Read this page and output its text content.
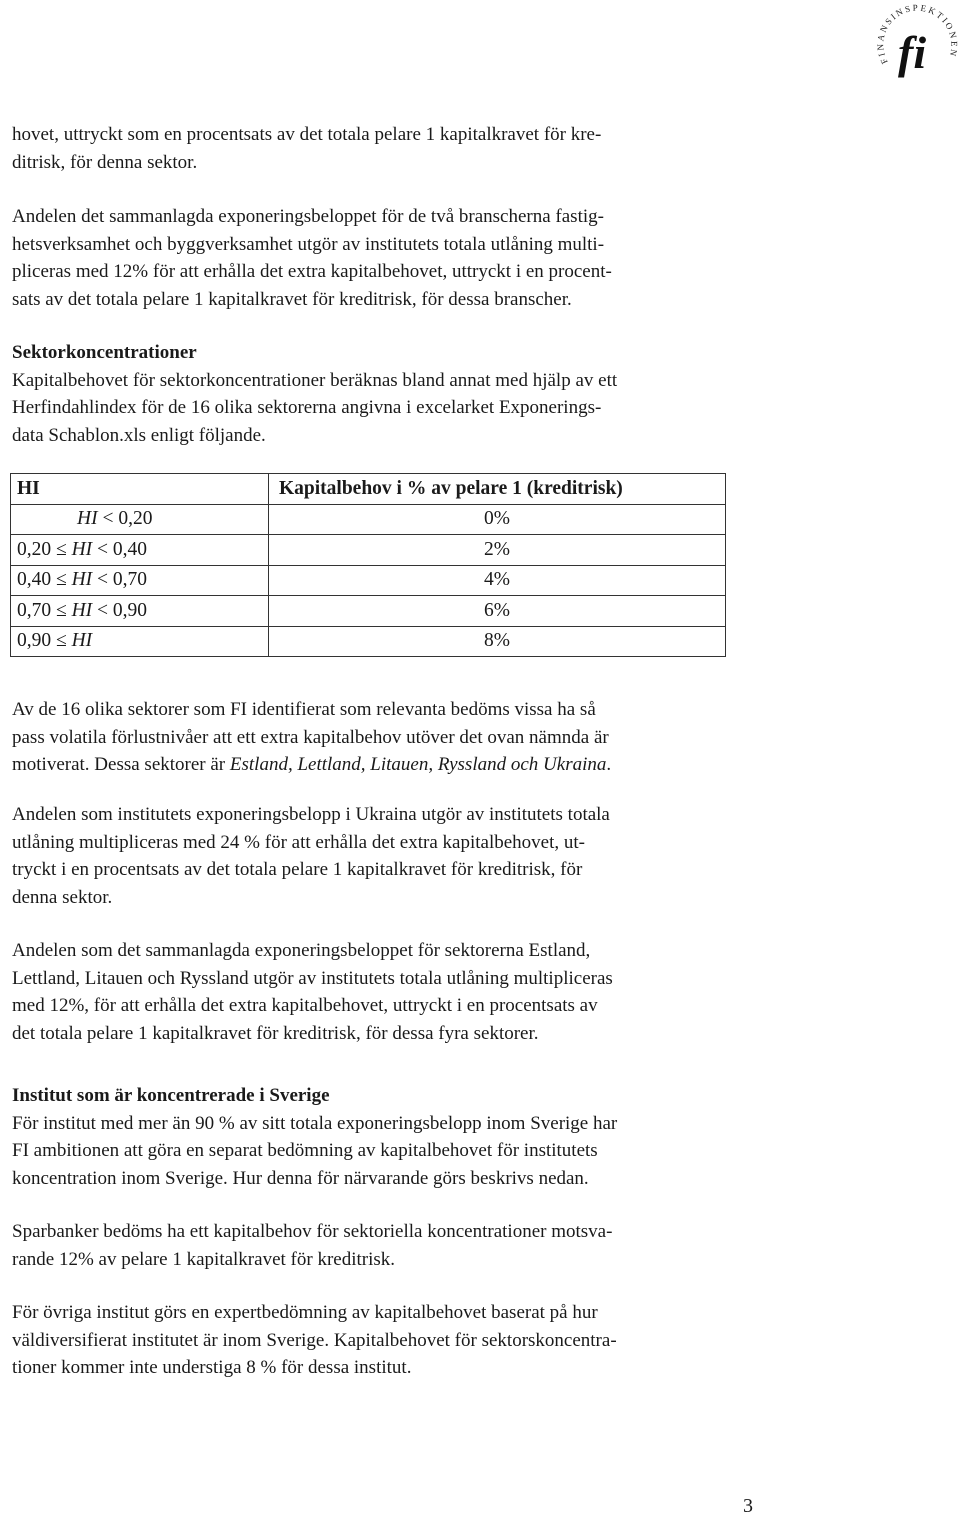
FINANSINSPEKTIONEN
fi
hovet, uttryckt som en procentsats av det totala pelare 1 kapitalkravet för kre-
ditrisk, för denna sektor.
Andelen det sammanlagda exponeringsbeloppet för de två branscherna fastig-
hetsverksamhet och byggverksamhet utgör av institutets totala utlåning multi-
pliceras med 12% för att erhålla det extra kapitalbehovet, uttryckt i en procent-
sats av det totala pelare 1 kapitalkravet för kreditrisk, för dessa branscher.
Sektorkoncentrationer
Kapitalbehovet för sektorkoncentrationer beräknas bland annat med hjälp av ett
Herfindahlindex för de 16 olika sektorerna angivna i excelarket Exponerings-
data Schablon.xls enligt följande.
HI	Kapitalbehov i % av pelare 1 (kreditrisk)
HI < 0,20	0%
0,20 ≤ HI < 0,40	2%
0,40 ≤ HI < 0,70	4%
0,70 ≤ HI < 0,90	6%
0,90 ≤ HI	8%
Av de 16 olika sektorer som FI identifierat som relevanta bedöms vissa ha så
pass volatila förlustnivåer att ett extra kapitalbehov utöver det ovan nämnda är
motiverat. Dessa sektorer är Estland, Lettland, Litauen, Ryssland och Ukraina.
Andelen som institutets exponeringsbelopp i Ukraina utgör av institutets totala
utlåning multipliceras med 24 % för att erhålla det extra kapitalbehovet, ut-
tryckt i en procentsats av det totala pelare 1 kapitalkravet för kreditrisk, för
denna sektor.
Andelen som det sammanlagda exponeringsbeloppet för sektorerna Estland,
Lettland, Litauen och Ryssland utgör av institutets totala utlåning multipliceras
med 12%, för att erhålla det extra kapitalbehovet, uttryckt i en procentsats av
det totala pelare 1 kapitalkravet för kreditrisk, för dessa fyra sektorer.
Institut som är koncentrerade i Sverige
För institut med mer än 90 % av sitt totala exponeringsbelopp inom Sverige har
FI ambitionen att göra en separat bedömning av kapitalbehovet för institutets
koncentration inom Sverige. Hur denna för närvarande görs beskrivs nedan.
Sparbanker bedöms ha ett kapitalbehov för sektoriella koncentrationer motsva-
rande 12% av pelare 1 kapitalkravet för kreditrisk.
För övriga institut görs en expertbedömning av kapitalbehovet baserat på hur
väldiversifierat institutet är inom Sverige. Kapitalbehovet för sektorskoncentra-
tioner kommer inte understiga 8 % för dessa institut.
3
